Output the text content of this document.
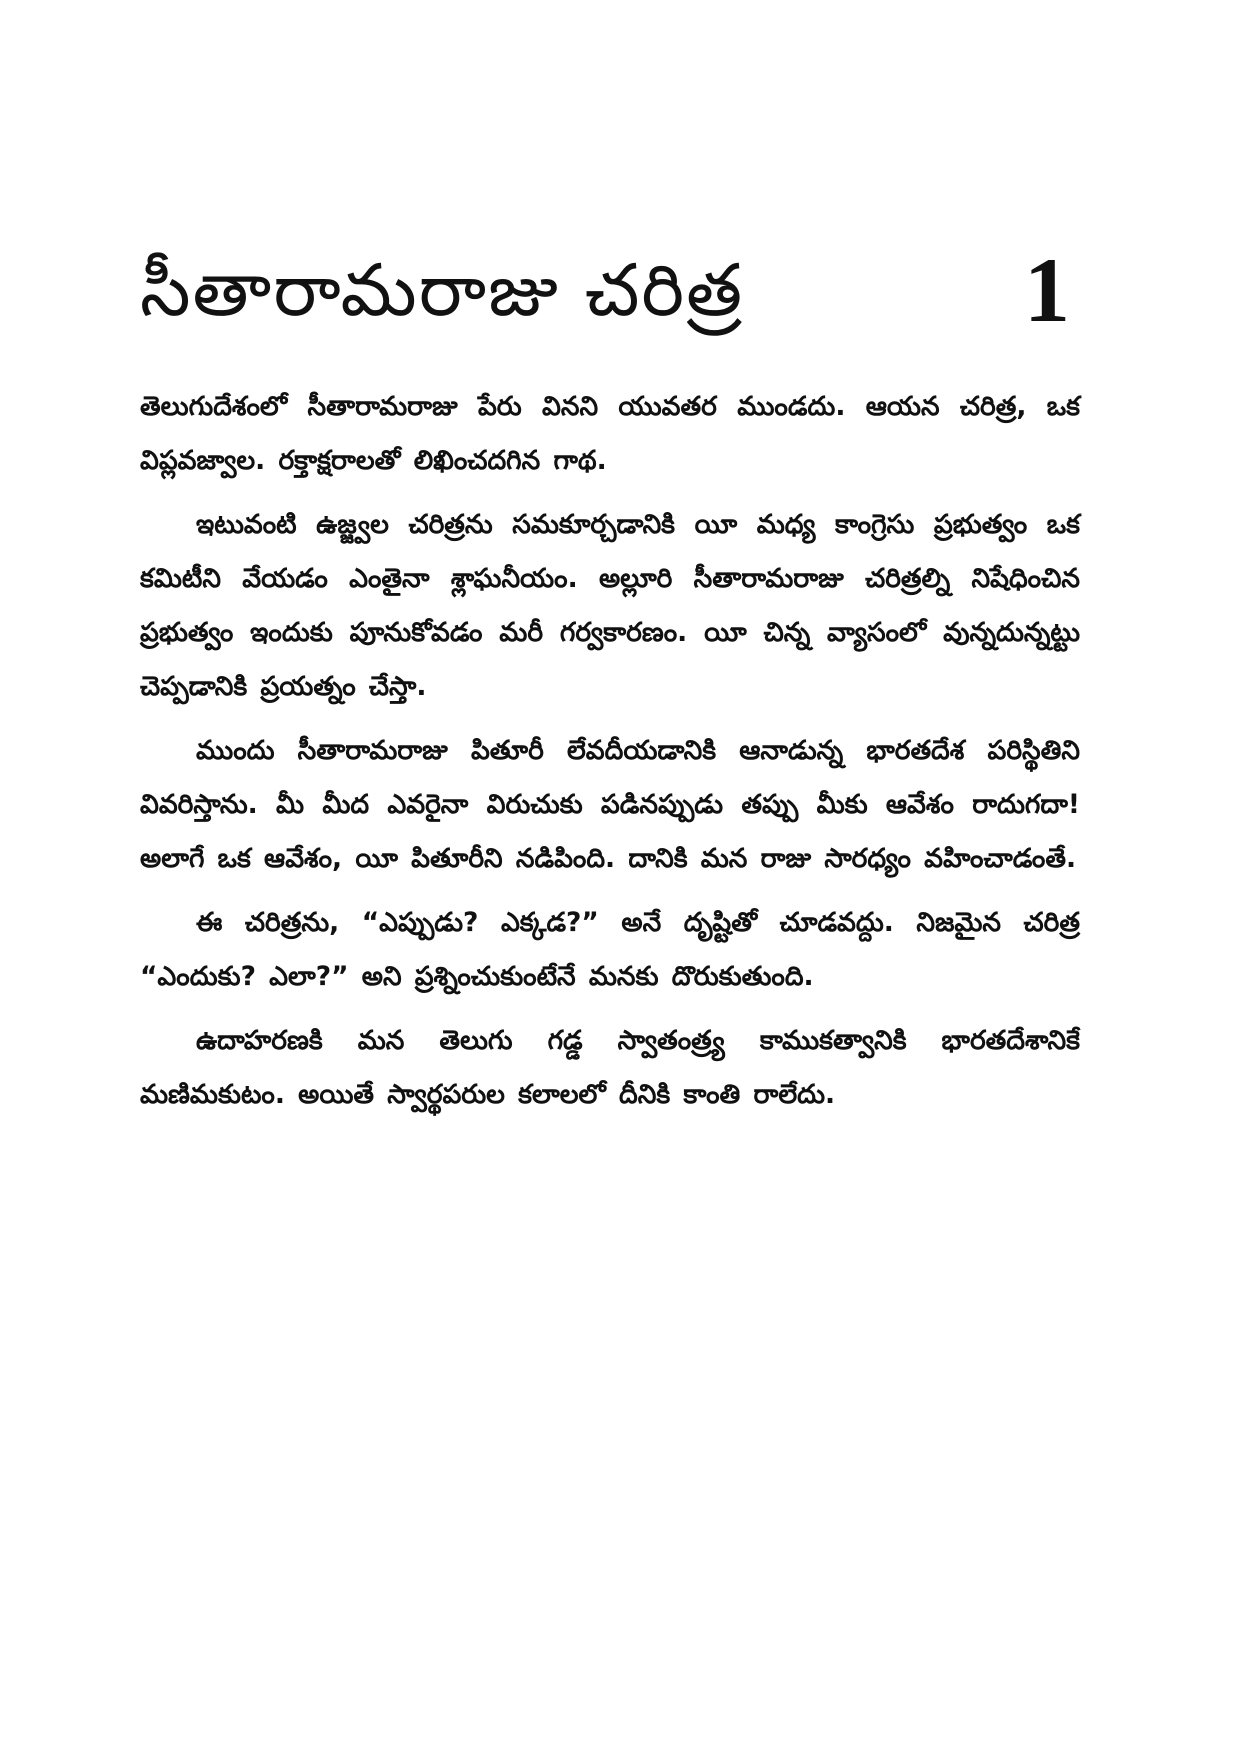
సీతారామరాజు చరిత్ర	1

తెలుగుదేశంలో సీతారామరాజు పేరు వినని యువతర ముండదు. ఆయన చరిత్ర, ఒక విప్లవజ్వాల. రక్తాక్షరాలతో లిఖించదగిన గాథ.

ఇటువంటి ఉజ్జ్వల చరిత్రను సమకూర్చడానికి యీ మధ్య కాంగ్రెసు ప్రభుత్వం ఒక కమిటీని వేయడం ఎంతైనా శ్లాఘనీయం. అల్లూరి సీతారామరాజు చరిత్రల్ని నిషేధించిన ప్రభుత్వం ఇందుకు పూనుకోవడం మరీ గర్వకారణం. యీ చిన్న వ్యాసంలో వున్నదున్నట్టు చెప్పడానికి ప్రయత్నం చేస్తా.

ముందు సీతారామరాజు పితూరీ లేవదీయడానికి ఆనాడున్న భారతదేశ పరిస్థితిని వివరిస్తాను. మీ మీద ఎవరైనా విరుచుకు పడినప్పుడు తప్పు మీకు ఆవేశం రాదుగదా! అలాగే ఒక ఆవేశం, యీ పితూరీని నడిపింది. దానికి మన రాజు సారధ్యం వహించాడంతే.

ఈ చరిత్రను, “ఎప్పుడు? ఎక్కడ?” అనే దృష్టితో చూడవద్దు. నిజమైన చరిత్ర “ఎందుకు? ఎలా?” అని ప్రశ్నించుకుంటేనే మనకు దొరుకుతుంది.

ఉదాహరణకి మన తెలుగు గడ్డ స్వాతంత్ర్య కాముకత్వానికి భారతదేశానికే మణిమకుటం. అయితే స్వార్థపరుల కలాలలో దీనికి కాంతి రాలేదు.
